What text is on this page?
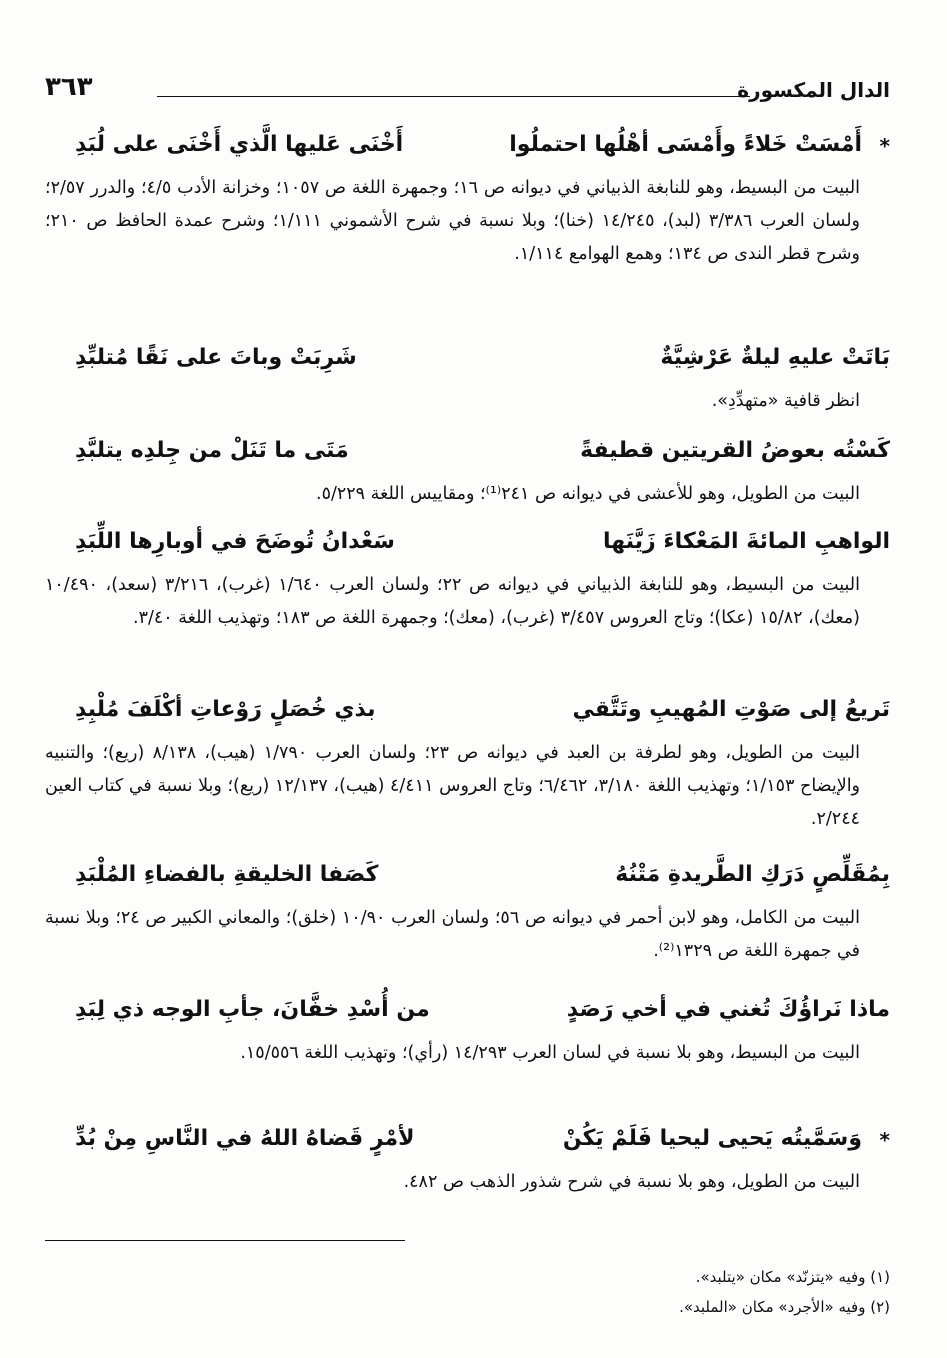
الدال المكسورة
٣٦٣
*
أَمْسَتْ خَلاءً وأَمْسَى أهْلُها احتملُوا
أَخْنَى عَليها الَّذي أَخْنَى على لُبَدِ

البيت من البسيط، وهو للنابغة الذبياني في ديوانه ص ١٦؛ وجمهرة اللغة ص ١٠٥٧؛ وخزانة الأدب ٤/٥؛ والدرر ٢/٥٧؛ ولسان العرب ٣/٣٨٦ (لبد)، ١٤/٢٤٥ (خنا)؛ وبلا نسبة في شرح الأشموني ١/١١١؛ وشرح عمدة الحافظ ص ٢١٠؛ وشرح قطر الندى ص ١٣٤؛ وهمع الهوامع ١/١١٤.

بَاتَتْ عليهِ ليلةٌ عَرْشِيَّةٌ
شَرِبَتْ وباتَ على نَقًا مُتلبِّدِ

انظر قافية «متهدِّدِ».

كَسْتُه بعوضُ القريتين قطيفةً
مَتَى ما تَنَلْ من جِلدِه يتلبَّدِ

البيت من الطويل، وهو للأعشى في ديوانه ص ٢٤١⁽¹⁾؛ ومقاييس اللغة ٥/٢٢٩.

الواهبِ المائةَ المَعْكاءَ زَيَّنَها
سَعْدانُ تُوضَحَ في أوبارِها اللِّبَدِ

البيت من البسيط، وهو للنابغة الذبياني في ديوانه ص ٢٢؛ ولسان العرب ١/٦٤٠ (غرب)، ٣/٢١٦ (سعد)، ١٠/٤٩٠ (معك)، ١٥/٨٢ (عكا)؛ وتاج العروس ٣/٤٥٧ (غرب)، (معك)؛ وجمهرة اللغة ص ١٨٣؛ وتهذيب اللغة ٣/٤٠.

تَريعُ إلى صَوْتِ المُهيبِ وتَتَّقي
بذي خُصَلٍ رَوْعاتِ أكْلَفَ مُلْبِدِ

البيت من الطويل، وهو لطرفة بن العبد في ديوانه ص ٢٣؛ ولسان العرب ١/٧٩٠ (هيب)، ٨/١٣٨ (ريع)؛ والتنبيه والإيضاح ١/١٥٣؛ وتهذيب اللغة ٣/١٨٠، ٦/٤٦٢؛ وتاج العروس ٤/٤١١ (هيب)، ١٢/١٣٧ (ريع)؛ وبلا نسبة في كتاب العين ٢/٢٤٤.

بِمُقَلِّصٍ دَرَكِ الطَّريدةِ مَتْنُهُ
كَصَفا الخليقةِ بالفضاءِ المُلْبَدِ

البيت من الكامل، وهو لابن أحمر في ديوانه ص ٥٦؛ ولسان العرب ١٠/٩٠ (خلق)؛ والمعاني الكبير ص ٢٤؛ وبلا نسبة في جمهرة اللغة ص ١٣٢٩⁽²⁾.

ماذا نَراؤُكَ تُغني في أخي رَصَدٍ
من أُسْدِ خفَّانَ، جأبِ الوجه ذي لِبَدِ

البيت من البسيط، وهو بلا نسبة في لسان العرب ١٤/٢٩٣ (رأي)؛ وتهذيب اللغة ١٥/٥٥٦.

*
وَسَمَّيتُه يَحيى ليحيا فَلَمْ يَكُنْ
لأمْرٍ قَضاهُ اللهُ في النَّاسِ مِنْ بُدِّ

البيت من الطويل، وهو بلا نسبة في شرح شذور الذهب ص ٤٨٢.

(١) وفيه «يتزنّد» مكان «يتلبد».
(٢) وفيه «الأجرد» مكان «الملبد».
